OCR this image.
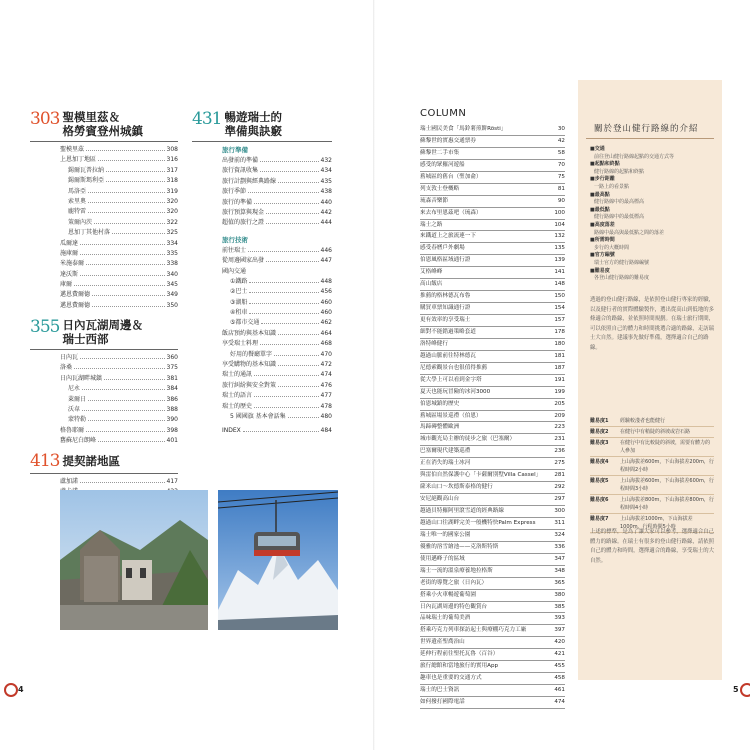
303 聖模里茲＆
格勞賓登州城鎮
聖模里茲	308
上恩加丁地區	316
錫爾瓦普拉納	317
錫爾斯瑪利亞	318
馬洛亞	319
索里奧	320
龐特雷	320
策爾內茨	322
恩加丁其他村落	325
瓜爾達	334
施庫爾	335
米施泰爾	338
達沃斯	340
庫爾	345
邁恩費爾德	349
邁恩費爾德	350
355 日內瓦湖周邊＆
瑞士西部
日內瓦	360
洛桑	375
日內瓦湖畔城鎮	381
尼永	384
萊爾日	386
沃韋	388
蒙特勒	390
格魯耶爾	398
舊蘇尼白朗峰	401
413 提契諾地區
盧加諾	417
431 暢遊瑞士的
準備與訣竅
旅行準備
出發前的準備	432
旅行資訊收集	434
旅行計劃與經典路線	435
旅行季節	438
旅行的準備	440
旅行預算與現金	442
超值的旅行之證	444
旅行技術
前往瑞士	446
從周邊國家出發	447
國內交通
①鐵路	448
②巴士	456
③湖船	460
④租車	460
⑤都市交通	462
飯店預約與基本知識	464
享受瑞士料理	468
好用的餐廳單字	470
享受購物的基本知識	472
瑞士的通訊	474
旅行糾紛與安全對策	476
瑞士的語言	477
瑞士的歷史	478
5 國國旗 基本會話集	480
INDEX	484
4
COLUMN
瑞士國民美食「馬鈴薯煎餅Rösti」	30
蘇黎世的實惠交通票券	42
蘇黎世二手市集	58
感受的眾羅河遊船	70
舊城區的舊台（聖加侖）	75
列支敦士登概略	81
琉森音樂節	90
來去布里恩茲吧（琉森）	100
瑞士之路	104
來鐵道上之旅流連一下	132
感受春曆戶外劇場	135
伯恩風格區域通行證	139
艾格峰峰	141
高山飯店	148
推薦的格林德瓦布魯	150
購買車票知識通行證	154
更有效率的享受瑞士	157
細對不能錯過策略套道	178
洛特峰健行	180
越過山脈前往特林德瓦	181
尼德索觀景台也很值得推薦	187
從大學上可以看到金字塔	191
夏天也能玩冒險的冰河3000	199
伯恩城鎮的歷史	205
舊城區場景巡禮（伯恩）	209
馬蹄磚整體歐洲	223
城市觀光局主辦的徒步之旅（巴塞爾）	231
巴塞爾現代建築巡禮	236
正在消失的瑞士冰河	275
與雷伯自然保護中心「卡薩爾別墅Villa Cassel」	281
薩米山口～坎德斯泰格的健行	292
安尼絕觀高山台	297
越過貝特羅阿里滾雪道的經典路線	300
越過山口往湖畔完美一般機特快Palm Express	311
瑞士唯一的國家公園	324
優雅的溶雪繪池——克洛斯特斯	336
使用邁峰子的區域	347
瑞士一流的溫泉療養地拉格斯	348
老街的導覽之旅（日內瓦）	365
搭乘小火車暢遊葡萄園	380
日內瓦湖周邊的特色觀賞台	385
品味瑞士的葡萄美酒	393
搭乘巧克力列車探訪起士與療棚巧克力工廠	397
世界遺產聖喬治山	420
延伸行程前往聖托瓦魯（百谷）	421
旅行總館和當地旅行的實用App	455
趣車也是重要的交通方式	458
瑞士的巴士資訊	461
如何撥打國際電話	474
關於登山健行路線的介紹
■交通
前往登山健行路線起點的交通方式等
■起點和終點
健行路線的起點和終點
■步行距離
一路上的看景點
■最高點
健行路線中的最高標高
■最低點
健行路線中的最低標高
■高度落差
路線中最高與最低點之間的落差
■所需時間
步行的大概時間
■官方編號
瑞士官方的健行路線編號
■難易度
各登山健行路線的難易度
透過的登山健行路線，是依照登山健行專家的經驗，以及健行者的實際體驗製作，選出從高山到低地的多條適合的路線，並依照時間規劃。在瑞士旅行期間，可以依照自己的體力和時間挑選合適的路線，走訪瑞士大自然。建議事先做好準備，選擇適合自己的路線。
難易度1	經驗較淺者也能健行
難易度2	在健行中有稍陡的斜坡或岩石路
難易度3	在健行中有比較陡的斜坡，需要有體力的人參加
難易度4	上山海拔差600m，下山海拔差200m，行程時間2小時
難易度5	上山海拔差600m，下山海拔差600m，行程時間3小時
難易度6	上山海拔差800m，下山海拔差800m，行程時間4小時
難易度7	上山海拔差1000m，下山海拔差1000m，行程時間5小時
上述的標準，是為了讓大家可以參考，選擇適合自己體力的路線。在瑞士有很多的登山健行路線，請依照自己的體力和時間，選擇適合的路線，享受瑞士的大自然。
5
